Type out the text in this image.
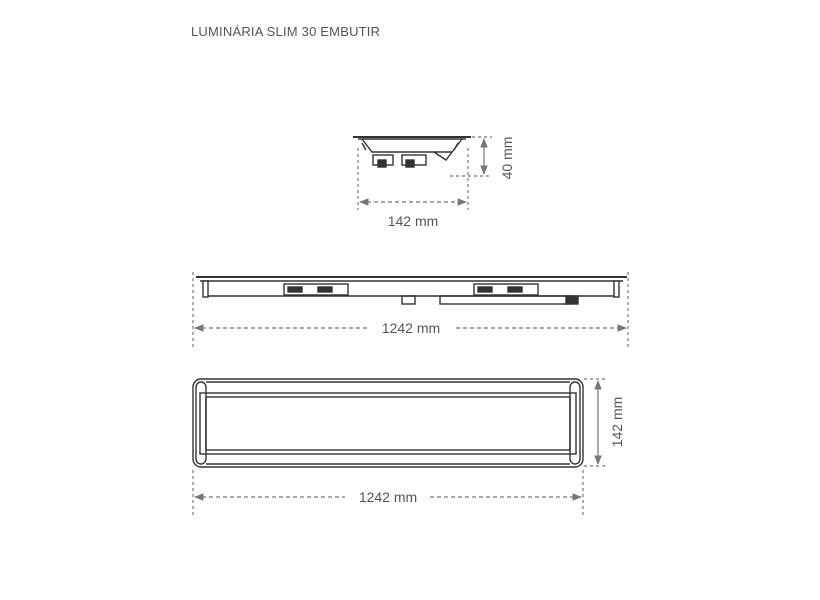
LUMINÁRIA SLIM 30 EMBUTIR
142 mm
40 mm
1242 mm
142 mm
1242 mm
